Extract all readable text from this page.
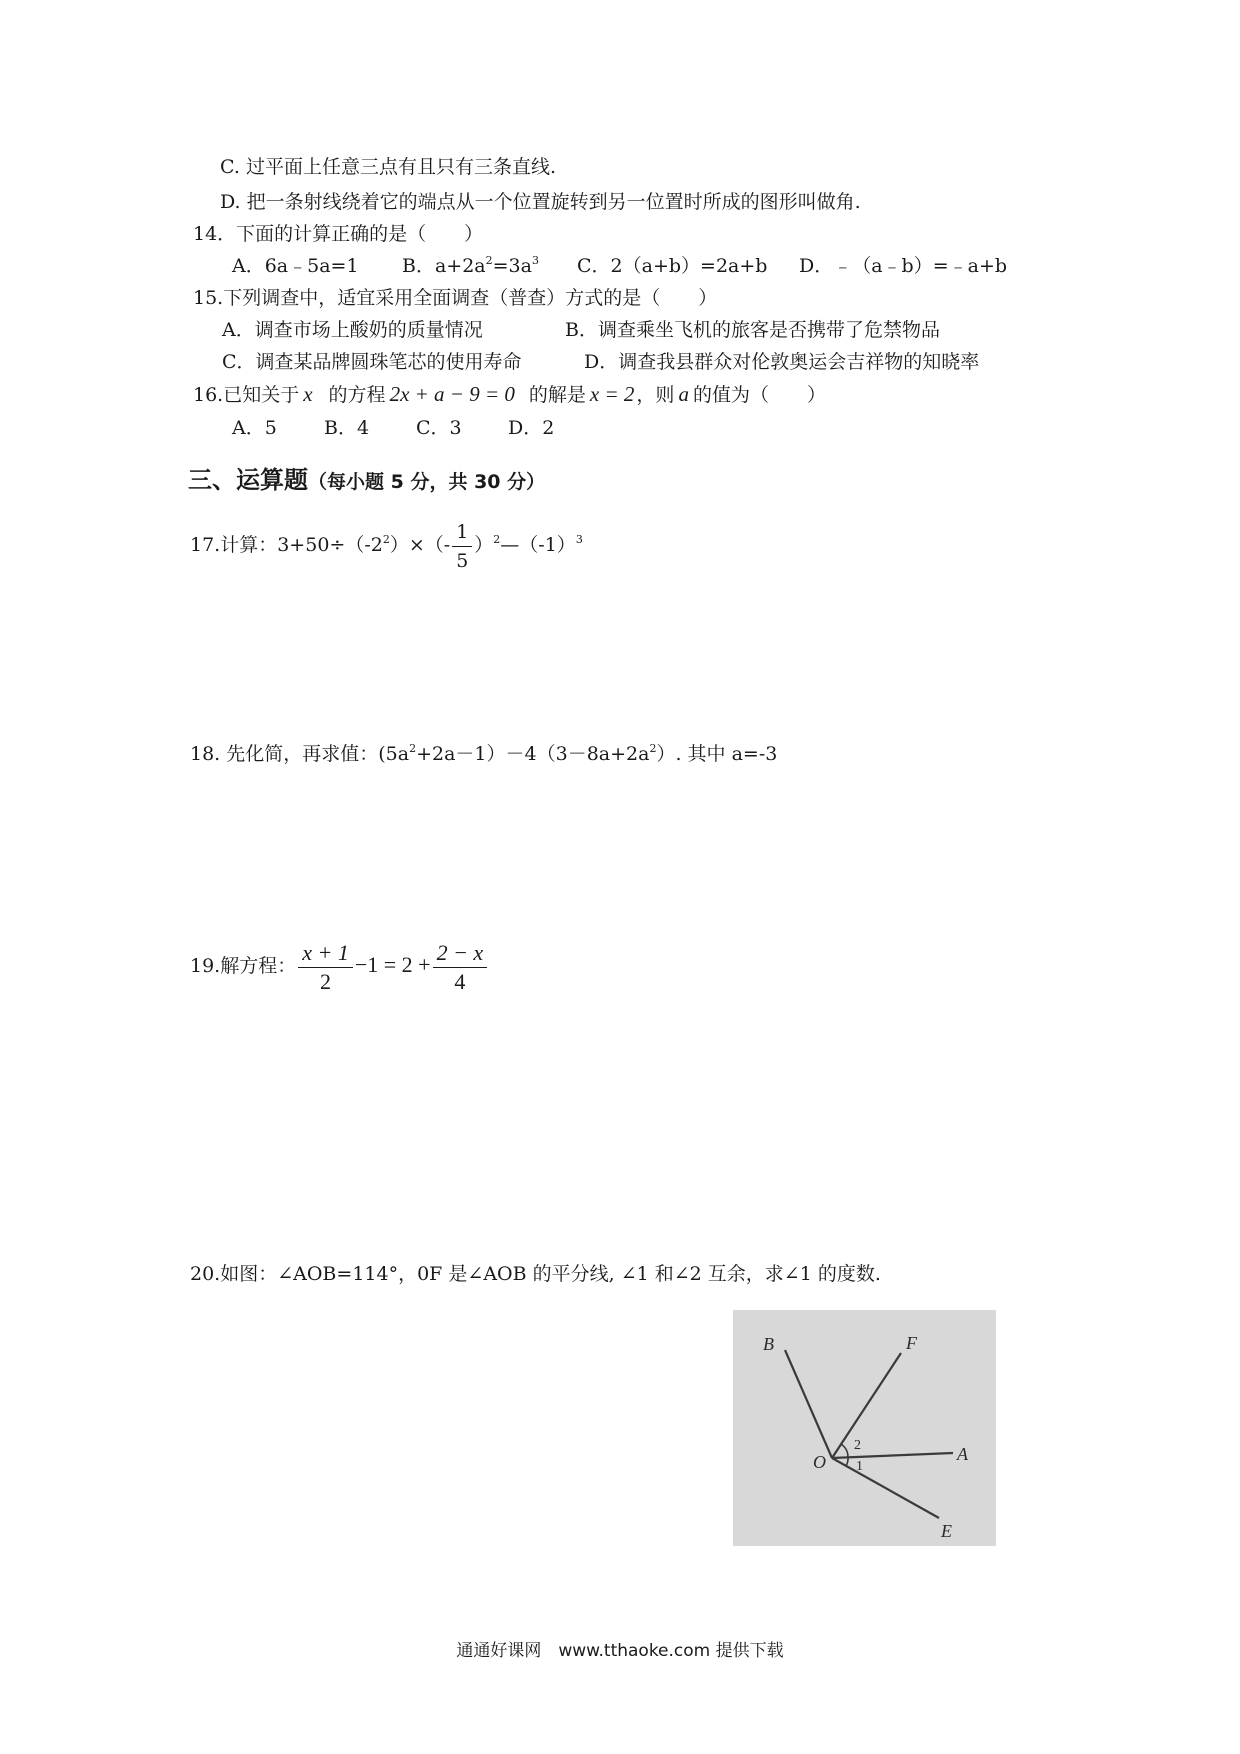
C. 过平面上任意三点有且只有三条直线.
D. 把一条射线绕着它的端点从一个位置旋转到另一位置时所成的图形叫做角.
14．下面的计算正确的是（　　）
A．6a﹣5a=1 B．$a+2a^2=3a^3$ C．2（a+b）=2a+b D．﹣（a﹣b）=﹣a+b
15.下列调查中，适宜采用全面调查（普查）方式的是（　　）
A．调查市场上酸奶的质量情况	B．调查乘坐飞机的旅客是否携带了危禁物品
C．调查某品牌圆珠笔芯的使用寿命	D．调查我县群众对伦敦奥运会吉祥物的知晓率
16.已知关于 x 的方程 2x + a − 9 = 0 的解是 x = 2 ，则 a 的值为（　　）
A．5 B．4 C．3 D．2
三、运算题（每小题 5 分，共 30 分）
17.计算：$3+50\div(-2^2)\times(- \frac{1}{5}$ ）$^2—(-1)^3$
18. 先化简，再求值：$(5a^2+2a-1)-4(3-8a+2a^2)$. 其中 a=-3
19.解方程： $\frac{x + 1}{2} -1 = 2 + \frac{2 - x}{4}$
20.如图：∠AOB=114°，0F 是∠AOB 的平分线, ∠1 和∠2 互余，求∠1 的度数.
B	F
O	A
E
1
2
通通好课网　www.tthaoke.com 提供下载
